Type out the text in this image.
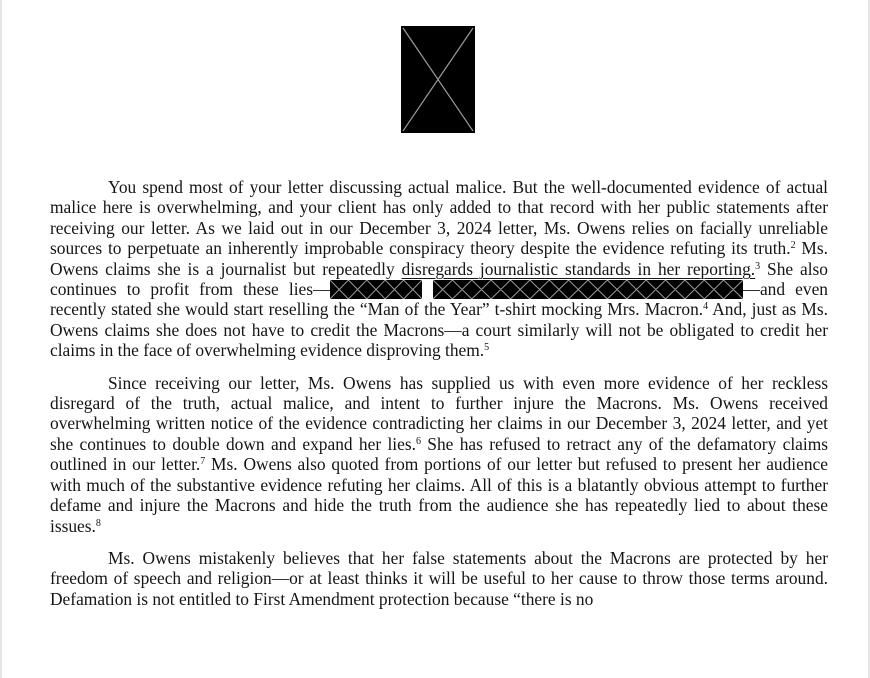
You spend most of your letter discussing actual malice. But the well-documented evidence of actual malice here is overwhelming, and your client has only added to that record with her public statements after receiving our letter. As we laid out in our December 3, 2024 letter, Ms. Owens relies on facially unreliable sources to perpetuate an inherently improbable conspiracy theory despite the evidence refuting its truth.$^2$ Ms. Owens claims she is a journalist but repeatedly disregards journalistic standards in her reporting.$^3$ She also continues to profit from these lies—
	—and even recently stated she would start reselling the “Man of the Year” t-shirt mocking Mrs. Macron.$^4$ And, just as Ms. Owens claims she does not have to credit the Macrons—a court similarly will not be obligated to credit her claims in the face of overwhelming evidence disproving them.$^5$

Since receiving our letter, Ms. Owens has supplied us with even more evidence of her reckless disregard of the truth, actual malice, and intent to further injure the Macrons. Ms. Owens received overwhelming written notice of the evidence contradicting her claims in our December 3, 2024 letter, and yet she continues to double down and expand her lies.$^6$ She has refused to retract any of the defamatory claims outlined in our letter.$^7$ Ms. Owens also quoted from portions of our letter but refused to present her audience with much of the substantive evidence refuting her claims. All of this is a blatantly obvious attempt to further defame and injure the Macrons and hide the truth from the audience she has repeatedly lied to about these issues.$^8$

Ms. Owens mistakenly believes that her false statements about the Macrons are protected by her freedom of speech and religion—or at least thinks it will be useful to her cause to throw those terms around. Defamation is not entitled to First Amendment protection because “there is no
